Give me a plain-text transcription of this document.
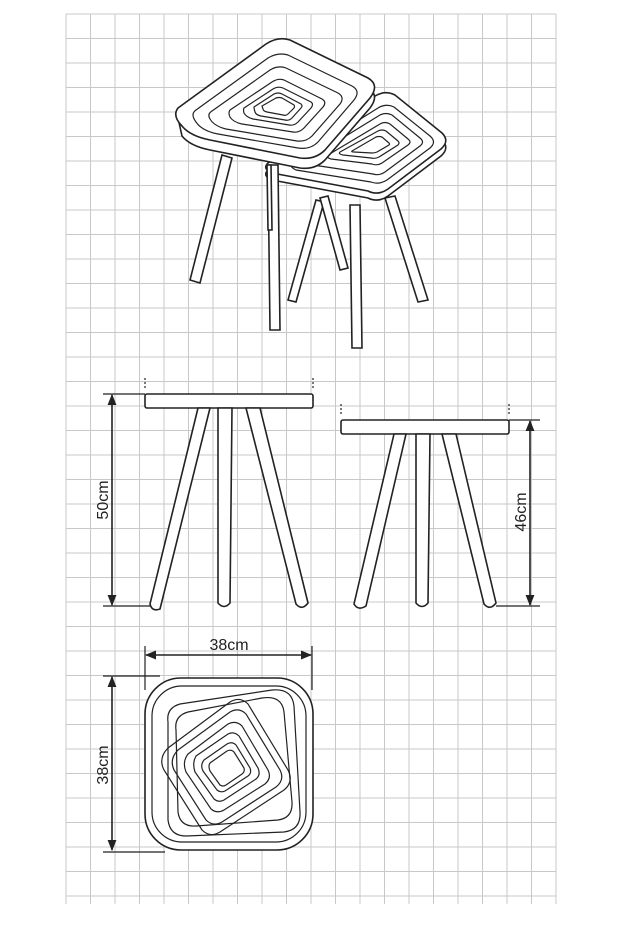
50cm	46cm
38cm
38cm
